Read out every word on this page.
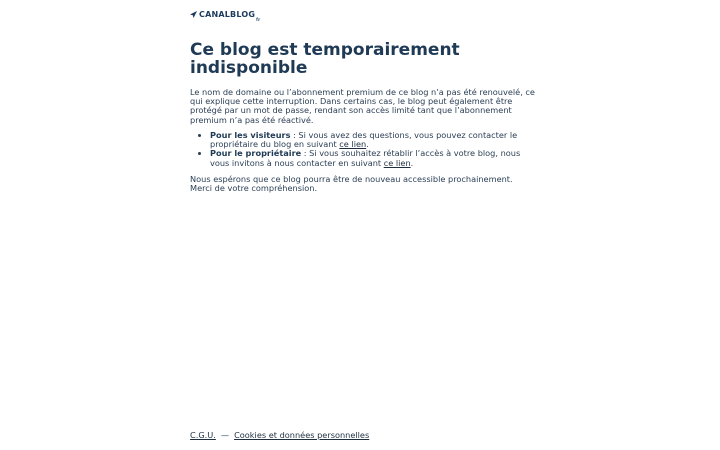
CANALBLOG
fr
Ce blog est temporairement indisponible

Le nom de domaine ou l’abonnement premium de ce blog n’a pas été renouvelé, ce qui explique cette interruption. Dans certains cas, le blog peut également être protégé par un mot de passe, rendant son accès limité tant que l’abonnement premium n’a pas été réactivé.

• Pour les visiteurs : Si vous avez des questions, vous pouvez contacter le propriétaire du blog en suivant ce lien.
• Pour le propriétaire : Si vous souhaitez rétablir l’accès à votre blog, nous vous invitons à nous contacter en suivant ce lien.

Nous espérons que ce blog pourra être de nouveau accessible prochainement. Merci de votre compréhension.

C.G.U. — Cookies et données personnelles
